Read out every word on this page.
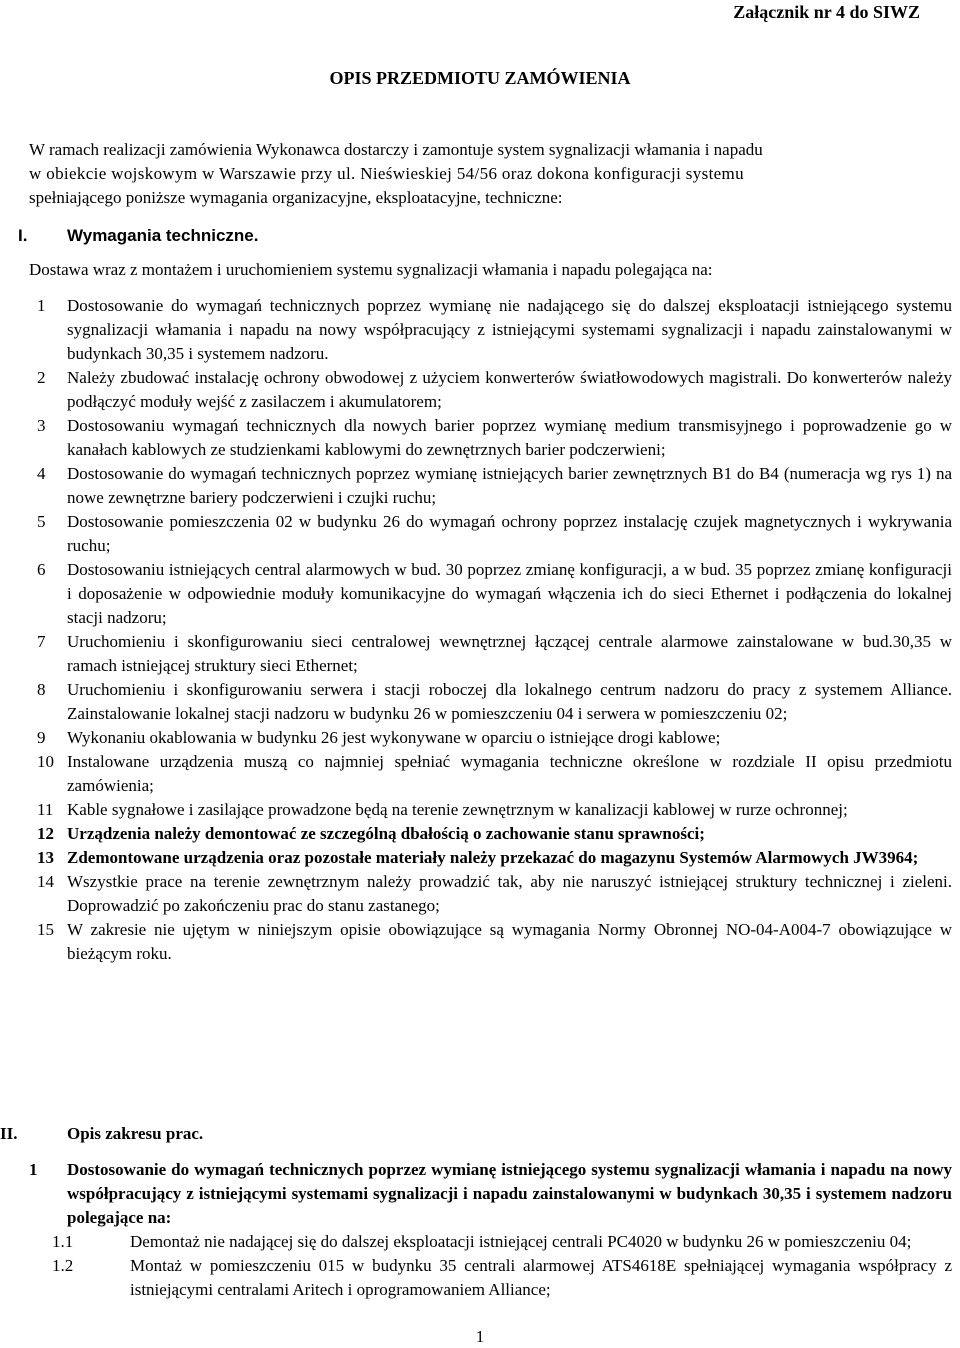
Załącznik nr 4 do SIWZ
OPIS PRZEDMIOTU ZAMÓWIENIA
W ramach realizacji zamówienia Wykonawca dostarczy i zamontuje system sygnalizacji włamania i napadu
w obiekcie wojskowym w Warszawie przy ul. Nieświeskiej 54/56 oraz dokona konfiguracji systemu
spełniającego poniższe wymagania organizacyjne, eksploatacyjne, techniczne:
I. Wymagania techniczne.
Dostawa wraz z montażem i uruchomieniem systemu sygnalizacji włamania i napadu polegająca na:
1	Dostosowanie do wymagań technicznych poprzez wymianę nie nadającego się do dalszej eksploatacji istniejącego systemu sygnalizacji włamania i napadu na nowy współpracujący z istniejącymi systemami sygnalizacji i napadu zainstalowanymi w budynkach 30,35 i systemem nadzoru.
2	Należy zbudować instalację ochrony obwodowej z użyciem konwerterów światłowodowych magistrali. Do konwerterów należy podłączyć moduły wejść z zasilaczem i akumulatorem;
3	Dostosowaniu wymagań technicznych dla nowych barier poprzez wymianę medium transmisyjnego i poprowadzenie go w kanałach kablowych ze studzienkami kablowymi do zewnętrznych barier podczerwieni;
4	Dostosowanie do wymagań technicznych poprzez wymianę istniejących barier zewnętrznych B1 do B4 (numeracja wg rys 1) na nowe zewnętrzne bariery podczerwieni i czujki ruchu;
5	Dostosowanie pomieszczenia 02 w budynku 26 do wymagań ochrony poprzez instalację czujek magnetycznych i wykrywania ruchu;
6	Dostosowaniu istniejących central alarmowych w bud. 30 poprzez zmianę konfiguracji, a w bud. 35 poprzez zmianę konfiguracji i doposażenie w odpowiednie moduły komunikacyjne do wymagań włączenia ich do sieci Ethernet i podłączenia do lokalnej stacji nadzoru;
7	Uruchomieniu i skonfigurowaniu sieci centralowej wewnętrznej łączącej centrale alarmowe zainstalowane w bud.30,35 w ramach istniejącej struktury sieci Ethernet;
8	Uruchomieniu i skonfigurowaniu serwera i stacji roboczej dla lokalnego centrum nadzoru do pracy z systemem Alliance. Zainstalowanie lokalnej stacji nadzoru w budynku 26 w pomieszczeniu 04 i serwera w pomieszczeniu 02;
9	Wykonaniu okablowania w budynku 26 jest wykonywane w oparciu o istniejące drogi kablowe;
10 Instalowane urządzenia muszą co najmniej spełniać wymagania techniczne określone w rozdziale II opisu przedmiotu zamówienia;
11 Kable sygnałowe i zasilające prowadzone będą na terenie zewnętrznym w kanalizacji kablowej w rurze ochronnej;
12 Urządzenia należy demontować ze szczególną dbałością o zachowanie stanu sprawności;
13 Zdemontowane urządzenia oraz pozostałe materiały należy przekazać do magazynu Systemów Alarmowych JW3964;
14 Wszystkie prace na terenie zewnętrznym należy prowadzić tak, aby nie naruszyć istniejącej struktury technicznej i zieleni. Doprowadzić po zakończeniu prac do stanu zastanego;
15 W zakresie nie ujętym w niniejszym opisie obowiązujące są wymagania Normy Obronnej NO-04-A004-7 obowiązujące w bieżącym roku.
II.	Opis zakresu prac.
1	Dostosowanie do wymagań technicznych poprzez wymianę istniejącego systemu sygnalizacji włamania i napadu na nowy współpracujący z istniejącymi systemami sygnalizacji i napadu zainstalowanymi w budynkach 30,35 i systemem nadzoru polegające na:
1.1	Demontaż nie nadającej się do dalszej eksploatacji istniejącej centrali PC4020 w budynku 26 w pomieszczeniu 04;
1.2	Montaż w pomieszczeniu 015 w budynku 35 centrali alarmowej ATS4618E spełniającej wymagania współpracy z istniejącymi centralami Aritech i oprogramowaniem Alliance;
1
